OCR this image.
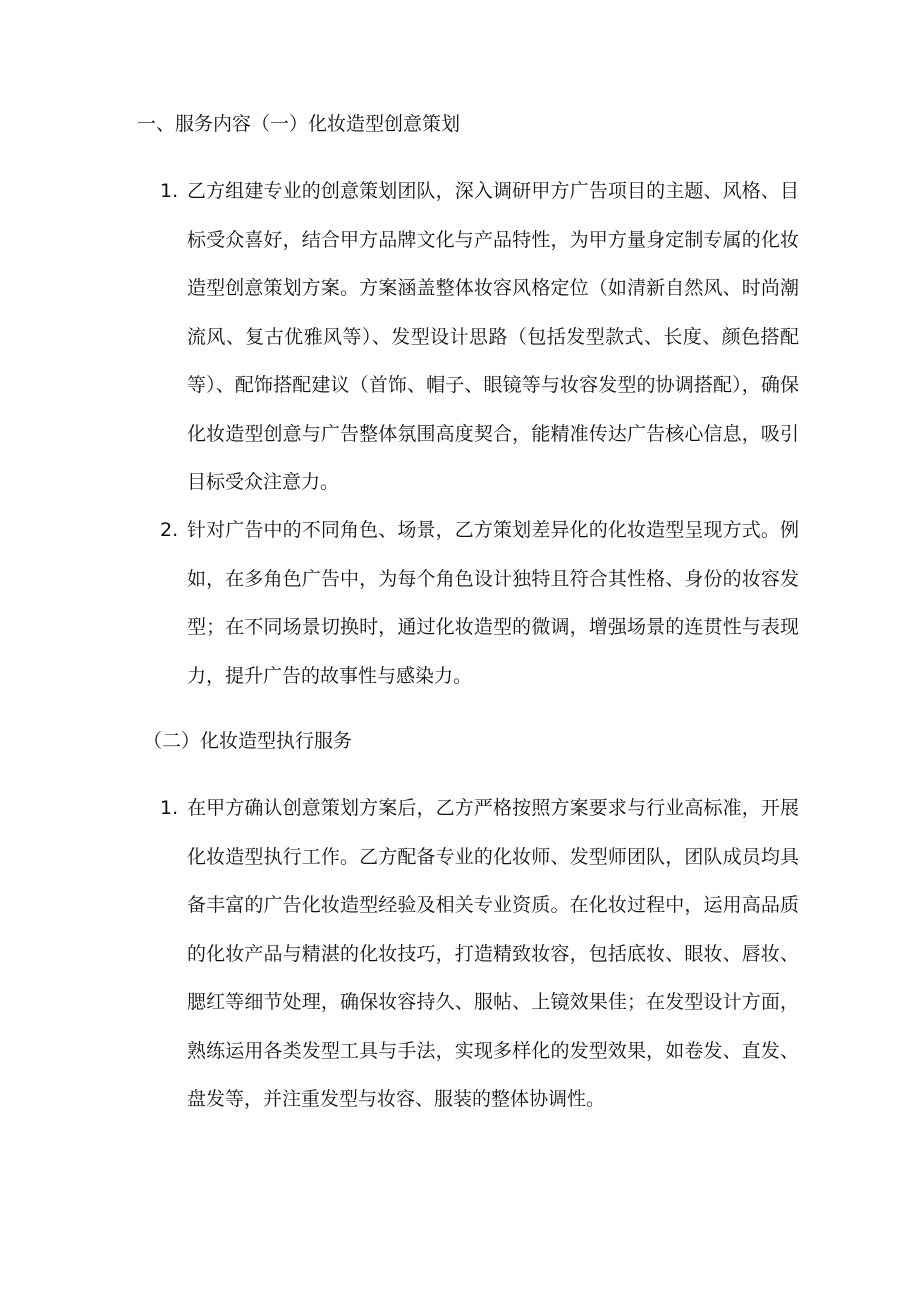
一、服务内容（一）化妆造型创意策划
1. 乙方组建专业的创意策划团队，深入调研甲方广告项目的主题、风格、目标受众喜好，结合甲方品牌文化与产品特性，为甲方量身定制专属的化妆造型创意策划方案。方案涵盖整体妆容风格定位（如清新自然风、时尚潮流风、复古优雅风等）、发型设计思路（包括发型款式、长度、颜色搭配等）、配饰搭配建议（首饰、帽子、眼镜等与妆容发型的协调搭配），确保化妆造型创意与广告整体氛围高度契合，能精准传达广告核心信息，吸引目标受众注意力。
2. 针对广告中的不同角色、场景，乙方策划差异化的化妆造型呈现方式。例如，在多角色广告中，为每个角色设计独特且符合其性格、身份的妆容发型；在不同场景切换时，通过化妆造型的微调，增强场景的连贯性与表现力，提升广告的故事性与感染力。
（二）化妆造型执行服务
1. 在甲方确认创意策划方案后，乙方严格按照方案要求与行业高标准，开展化妆造型执行工作。乙方配备专业的化妆师、发型师团队，团队成员均具备丰富的广告化妆造型经验及相关专业资质。在化妆过程中，运用高品质的化妆产品与精湛的化妆技巧，打造精致妆容，包括底妆、眼妆、唇妆、腮红等细节处理，确保妆容持久、服帖、上镜效果佳；在发型设计方面，熟练运用各类发型工具与手法，实现多样化的发型效果，如卷发、直发、盘发等，并注重发型与妆容、服装的整体协调性。
